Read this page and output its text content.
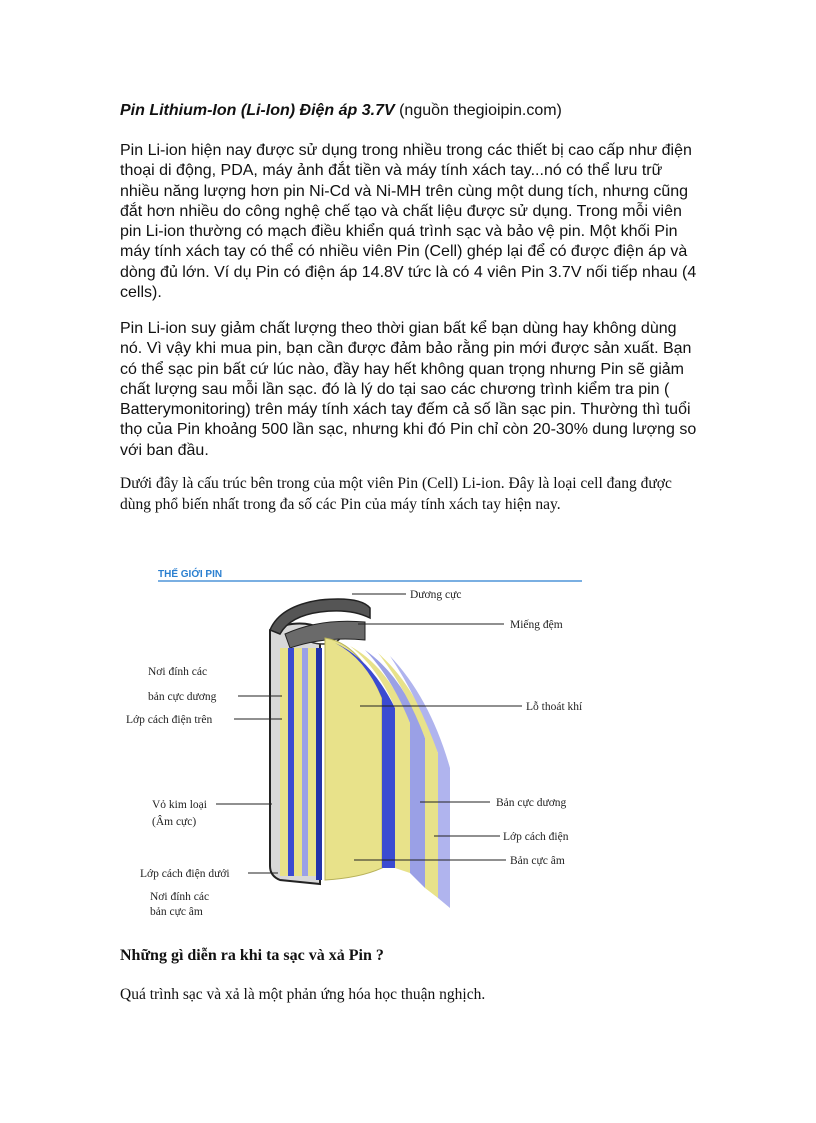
Pin Lithium-Ion (Li-Ion) Điện áp 3.7V (nguồn thegioipin.com)
Pin Li-ion hiện nay được sử dụng trong nhiều trong các thiết bị cao cấp như điện thoại di động, PDA, máy ảnh đắt tiền và máy tính xách tay...nó có thể lưu trữ nhiều năng lượng hơn pin Ni-Cd và Ni-MH trên cùng một dung tích, nhưng cũng đắt hơn nhiều do công nghệ chế tạo và chất liệu được sử dụng. Trong mỗi viên pin Li-ion thường có mạch điều khiển quá trình sạc và bảo vệ pin. Một khối Pin máy tính xách tay có thể có nhiều viên Pin (Cell) ghép lại để có được điện áp và dòng đủ lớn. Ví dụ Pin có điện áp 14.8V tức là có 4 viên Pin 3.7V nối tiếp nhau (4 cells).
Pin Li-ion suy giảm chất lượng theo thời gian bất kể bạn dùng hay không dùng nó. Vì vậy khi mua pin, bạn cần được đảm bảo rằng pin mới được sản xuất. Bạn có thể sạc pin bất cứ lúc nào, đầy hay hết không quan trọng nhưng Pin sẽ giảm chất lượng sau mỗi lần sạc. đó là lý do tại sao các chương trình kiểm tra pin ( Batterymonitoring) trên máy tính xách tay đếm cả số lần sạc pin. Thường thì tuổi thọ của Pin khoảng 500 lần sạc, nhưng khi đó Pin chỉ còn 20-30% dung lượng so với ban đầu.
Dưới đây là cấu trúc bên trong của một viên Pin (Cell) Li-ion. Đây là loại cell đang được dùng phổ biến nhất trong đa số các Pin của máy tính xách tay hiện nay.
THẾ GIỚI PIN
Dương cực
Miếng đệm
Nơi đính các
bản cực dương
Lớp cách điện trên
Lỗ thoát khí
Vỏ kim loại
(Âm cực)
Bản cực dương
Lớp cách điện
Lớp cách điện dưới
Bản cực âm
Nơi đính các
bản cực âm
Những gì diễn ra khi ta sạc và xả Pin ?
Quá trình sạc và xả là một phản ứng hóa học thuận nghịch.
